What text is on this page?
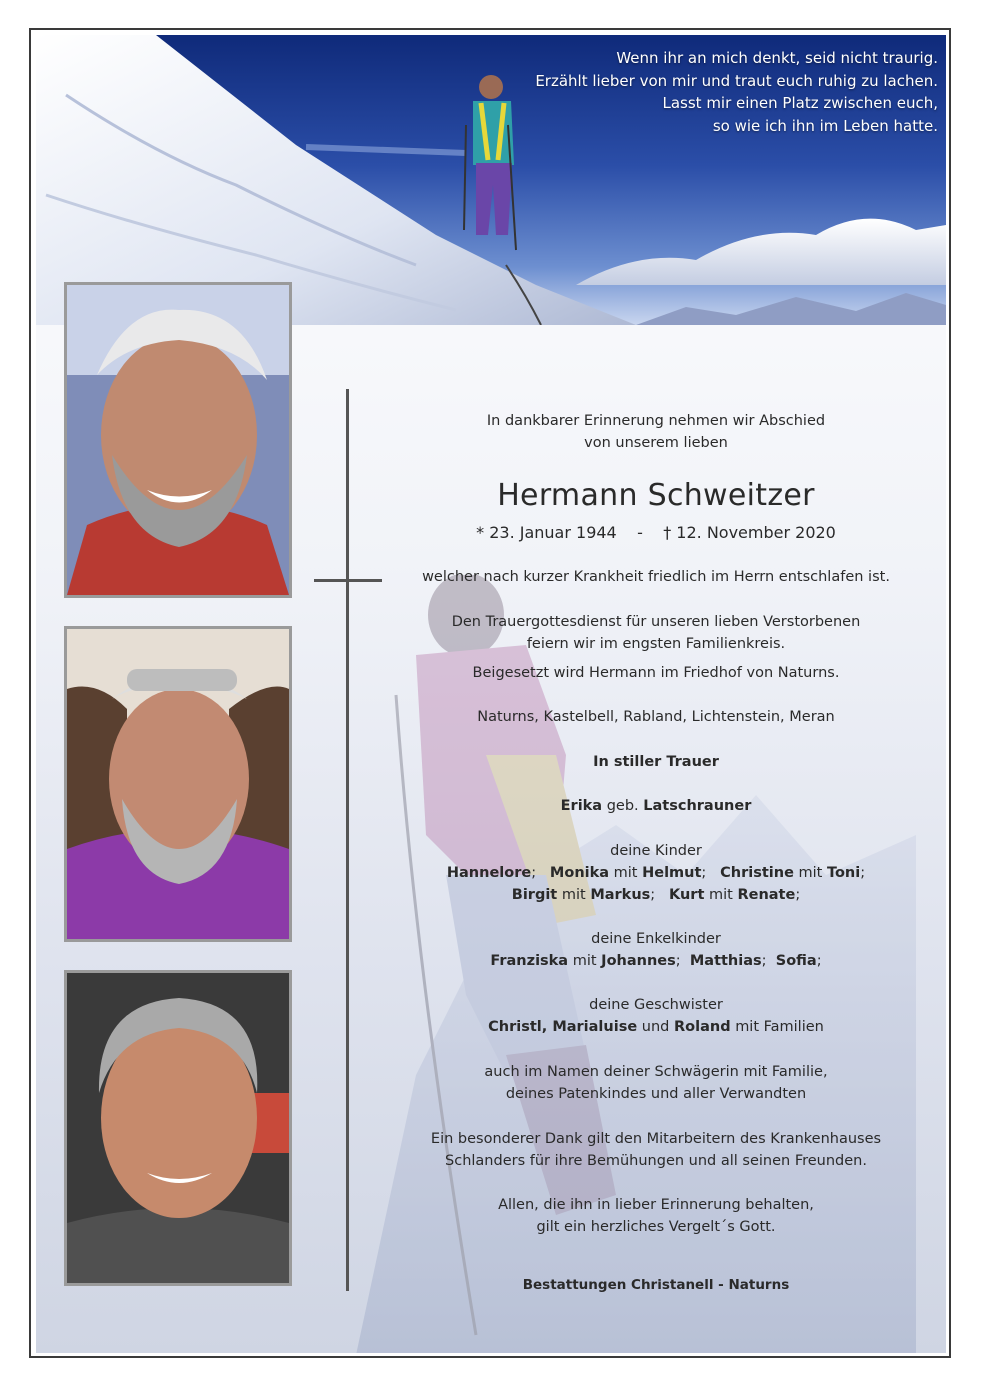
Wenn ihr an mich denkt, seid nicht traurig.
Erzählt lieber von mir und traut euch ruhig zu lachen.
Lasst mir einen Platz zwischen euch,
so wie ich ihn im Leben hatte.
In dankbarer Erinnerung nehmen wir Abschied
von unserem lieben
Hermann Schweitzer
* 23. Januar 1944 - † 12. November 2020
welcher nach kurzer Krankheit friedlich im Herrn entschlafen ist.
Den Trauergottesdienst für unseren lieben Verstorbenen
feiern wir im engsten Familienkreis.
Beigesetzt wird Hermann im Friedhof von Naturns.
Naturns, Kastelbell, Rabland, Lichtenstein, Meran
In stiller Trauer
Erika geb. Latschrauner
deine Kinder
Hannelore; Monika mit Helmut; Christine mit Toni;
Birgit mit Markus; Kurt mit Renate;
deine Enkelkinder
Franziska mit Johannes; Matthias; Sofia;
deine Geschwister
Christl, Marialuise und Roland mit Familien
auch im Namen deiner Schwägerin mit Familie,
deines Patenkindes und aller Verwandten
Ein besonderer Dank gilt den Mitarbeitern des Krankenhauses
Schlanders für ihre Bemühungen und all seinen Freunden.
Allen, die ihn in lieber Erinnerung behalten,
gilt ein herzliches Vergelt´s Gott.
Bestattungen Christanell - Naturns
